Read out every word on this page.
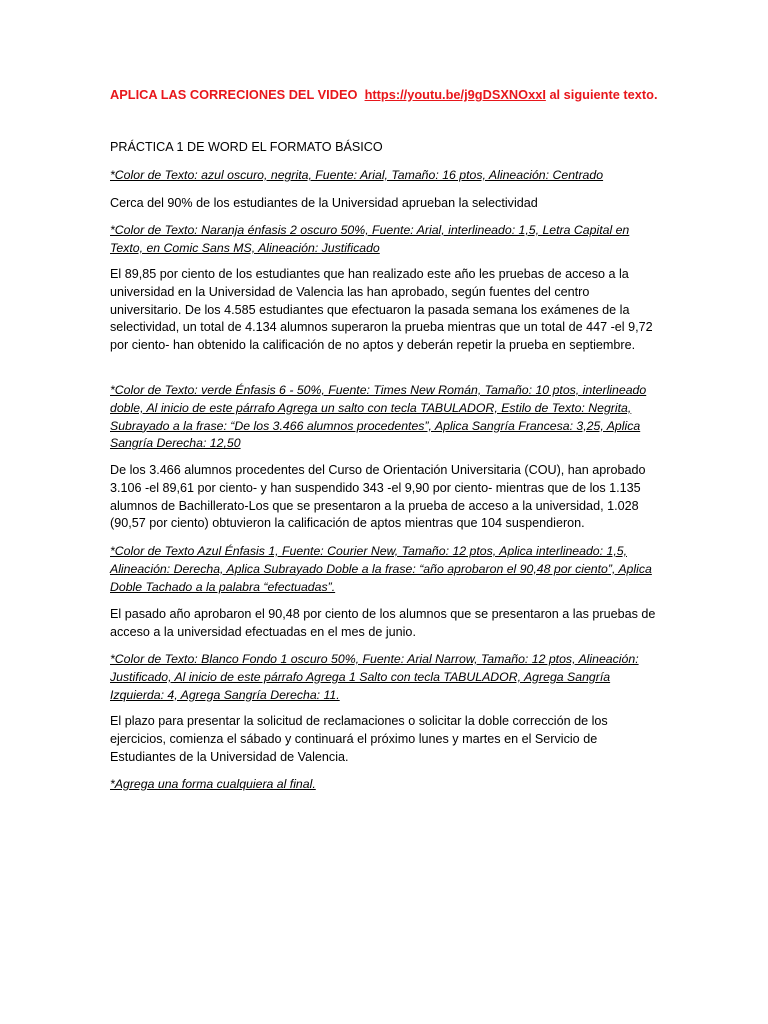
APLICA LAS CORRECIONES DEL VIDEO https://youtu.be/j9gDSXNOxxI al siguiente texto.

PRÁCTICA 1 DE WORD EL FORMATO BÁSICO

*Color de Texto: azul oscuro, negrita, Fuente: Arial, Tamaño: 16 ptos, Alineación: Centrado

Cerca del 90% de los estudiantes de la Universidad aprueban la selectividad

*Color de Texto: Naranja énfasis 2 oscuro 50%, Fuente: Arial, interlineado: 1,5, Letra Capital en Texto, en Comic Sans MS, Alineación: Justificado

El 89,85 por ciento de los estudiantes que han realizado este año les pruebas de acceso a la universidad en la Universidad de Valencia las han aprobado, según fuentes del centro universitario. De los 4.585 estudiantes que efectuaron la pasada semana los exámenes de la selectividad, un total de 4.134 alumnos superaron la prueba mientras que un total de 447 -el 9,72 por ciento- han obtenido la calificación de no aptos y deberán repetir la prueba en septiembre.

*Color de Texto: verde Énfasis 6 - 50%, Fuente: Times New Román, Tamaño: 10 ptos, interlineado doble, Al inicio de este párrafo Agrega un salto con tecla TABULADOR, Estilo de Texto: Negrita, Subrayado a la frase: “De los 3.466 alumnos procedentes”, Aplica Sangría Francesa: 3,25, Aplica Sangría Derecha: 12,50

De los 3.466 alumnos procedentes del Curso de Orientación Universitaria (COU), han aprobado 3.106 -el 89,61 por ciento- y han suspendido 343 -el 9,90 por ciento- mientras que de los 1.135 alumnos de Bachillerato-Los que se presentaron a la prueba de acceso a la universidad, 1.028 (90,57 por ciento) obtuvieron la calificación de aptos mientras que 104 suspendieron.

*Color de Texto Azul Énfasis 1, Fuente: Courier New, Tamaño: 12 ptos, Aplica interlineado: 1,5, Alineación: Derecha, Aplica Subrayado Doble a la frase: “año aprobaron el 90,48 por ciento”, Aplica Doble Tachado a la palabra “efectuadas”.

El pasado año aprobaron el 90,48 por ciento de los alumnos que se presentaron a las pruebas de acceso a la universidad efectuadas en el mes de junio.

*Color de Texto: Blanco Fondo 1 oscuro 50%, Fuente: Arial Narrow, Tamaño: 12 ptos, Alineación: Justificado, Al inicio de este párrafo Agrega 1 Salto con tecla TABULADOR, Agrega Sangría Izquierda: 4, Agrega Sangría Derecha: 11.

El plazo para presentar la solicitud de reclamaciones o solicitar la doble corrección de los ejercicios, comienza el sábado y continuará el próximo lunes y martes en el Servicio de Estudiantes de la Universidad de Valencia.

*Agrega una forma cualquiera al final.
